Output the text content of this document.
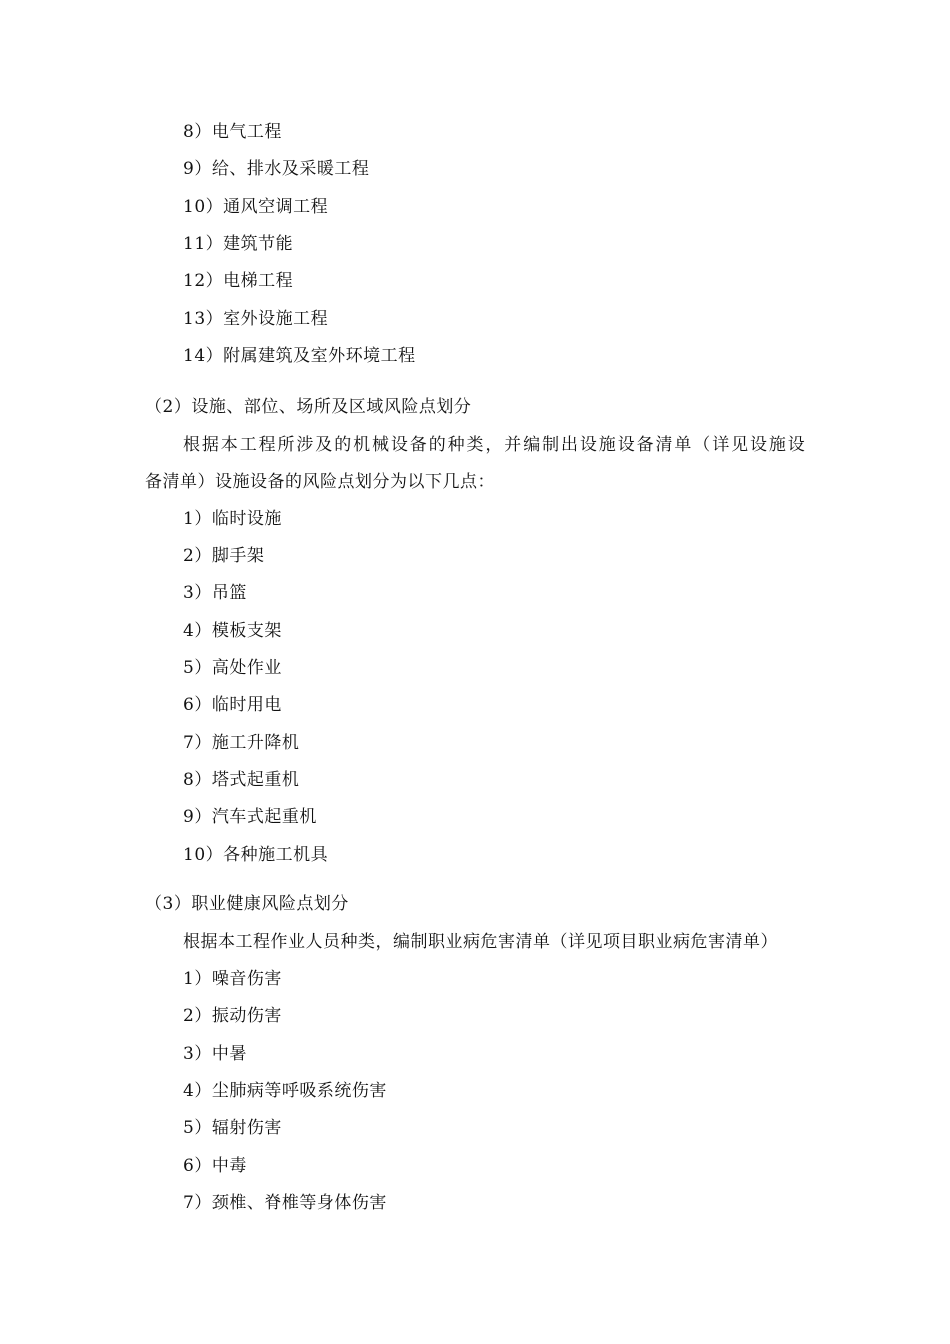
8）电气工程
9）给、排水及采暖工程
10）通风空调工程
11）建筑节能
12）电梯工程
13）室外设施工程
14）附属建筑及室外环境工程
（2）设施、部位、场所及区域风险点划分
根据本工程所涉及的机械设备的种类，并编制出设施设备清单（详见设施设
备清单）设施设备的风险点划分为以下几点：
1）临时设施
2）脚手架
3）吊篮
4）模板支架
5）高处作业
6）临时用电
7）施工升降机
8）塔式起重机
9）汽车式起重机
10）各种施工机具
（3）职业健康风险点划分
根据本工程作业人员种类，编制职业病危害清单（详见项目职业病危害清单）
1）噪音伤害
2）振动伤害
3）中暑
4）尘肺病等呼吸系统伤害
5）辐射伤害
6）中毒
7）颈椎、脊椎等身体伤害
